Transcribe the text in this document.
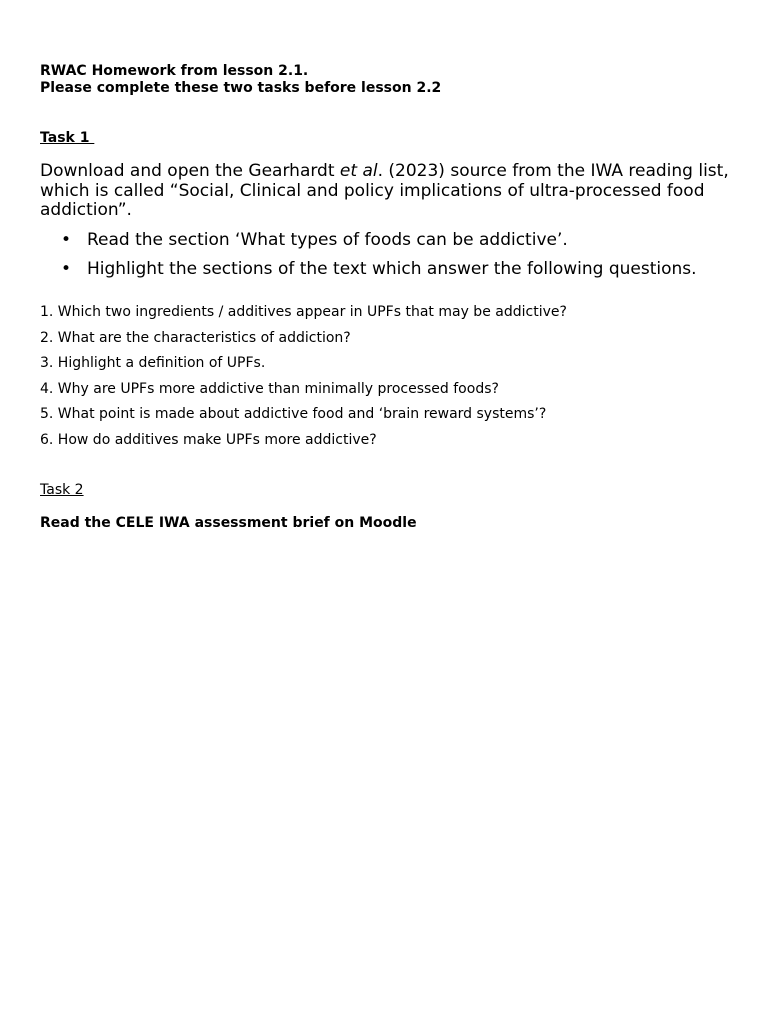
RWAC Homework from lesson 2.1.
Please complete these two tasks before lesson 2.2
Task 1
Download and open the Gearhardt et al. (2023) source from the IWA reading list, which is called “Social, Clinical and policy implications of ultra-processed food addiction”.
• Read the section ‘What types of foods can be addictive’.
• Highlight the sections of the text which answer the following questions.
1. Which two ingredients / additives appear in UPFs that may be addictive?
2. What are the characteristics of addiction?
3. Highlight a definition of UPFs.
4. Why are UPFs more addictive than minimally processed foods?
5. What point is made about addictive food and ‘brain reward systems’?
6. How do additives make UPFs more addictive?
Task 2
Read the CELE IWA assessment brief on Moodle
